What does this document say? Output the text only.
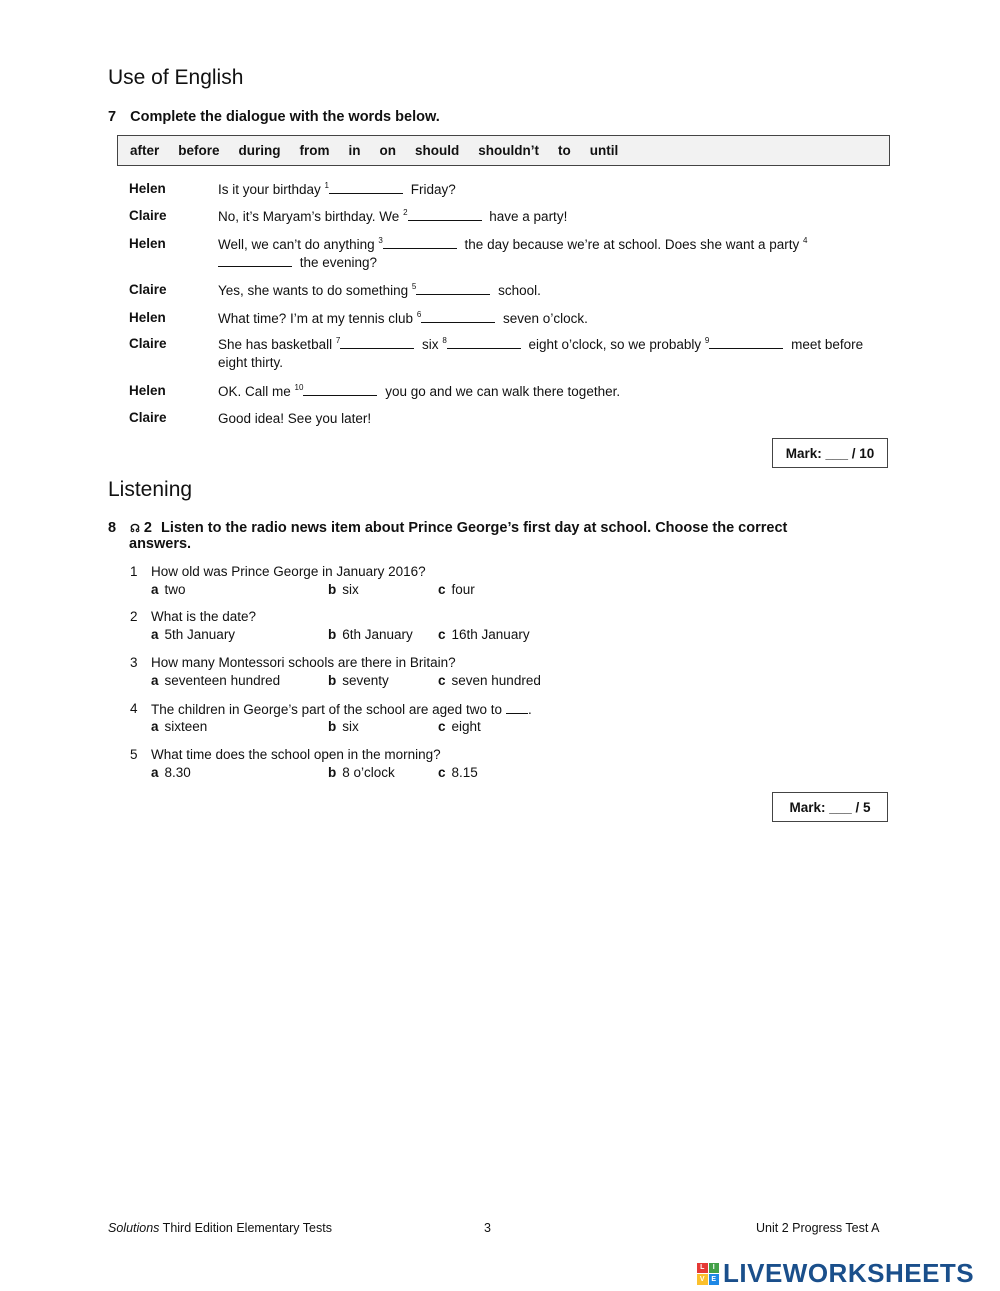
Use of English
7 Complete the dialogue with the words below.
after before during from in on should shouldn’t to until
Helen	Is it your birthday $^1$	Friday?
Claire	No, it’s Maryam’s birthday. We $^2$	have a party!
Helen	Well, we can’t do anything $^3$	the day because we’re at school. Does she want a party $^4$ the evening?
Claire	Yes, she wants to do something $^5$	school.
Helen	What time? I’m at my tennis club $^6$	seven o’clock.
Claire	She has basketball $^7$	six $^8$	eight o’clock, so we probably $^9$	meet before eight thirty.
Helen	OK. Call me $^{10}$	you go and we can walk there together.
Claire	Good idea! See you later!
Mark: ___ / 10
Listening
8 ☊ 2 Listen to the radio news item about Prince George’s first day at school. Choose the correct
answers.
1 How old was Prince George in January 2016?
a two	b six	c four
2 What is the date?
a 5th January	b 6th January c 16th January
3 How many Montessori schools are there in Britain?
a seventeen hundred	b seventy	c seven hundred
4 The children in George’s part of the school are aged two to .
a sixteen	b six	c eight
5 What time does the school open in the morning?
a 8.30	b 8 o’clock	c 8.15
Mark: ___ / 5
Solutions Third Edition Elementary Tests	3	Unit 2 Progress Test A
L	I
V E LIVEWORKSHEETS
